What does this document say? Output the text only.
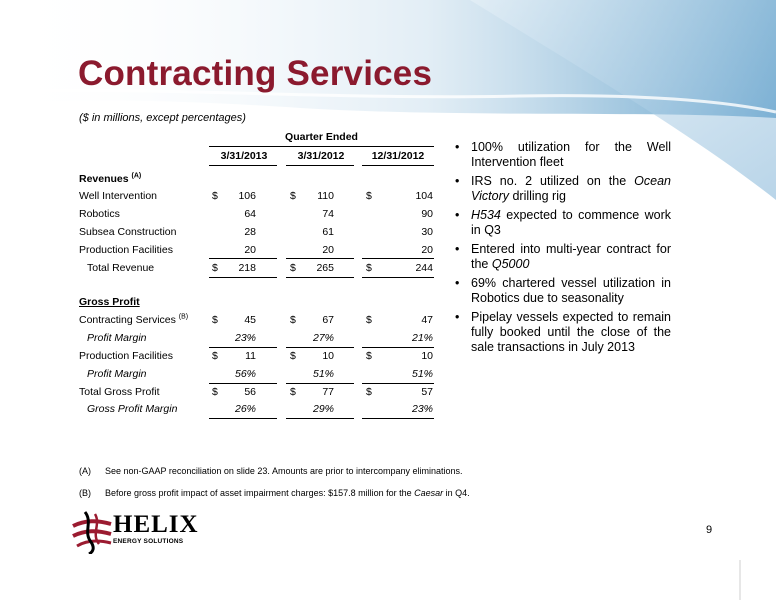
Contracting Services
($ in millions, except percentages)
Quarter Ended
3/31/2013	3/31/2012	12/31/2012
Revenues $^{(A)}$
Well Intervention	$ 106	$ 110	$	104
Robotics	64	74	90
Subsea Construction	28	61	30
Production Facilities	20	20	20
Total Revenue	$ 218	$ 265	$	244
Gross Profit
Contracting Services $^{(B)}$ $	45	$	67	$	47
Profit Margin	23%	27%	21%
Production Facilities	$	11	$	10	$	10
Profit Margin	56%	51%	51%
Total Gross Profit	$	56	$	77	$	57
Gross Profit Margin	26%	29%	23%
• 100% utilization for the Well Intervention fleet
• IRS no. 2 utilized on the Ocean Victory drilling rig
• H534 expected to commence work in Q3
• Entered into multi-year contract for the Q5000
• 69% chartered vessel utilization in Robotics due to seasonality
• Pipelay vessels expected to remain fully booked until the close of the sale transactions in July 2013
(A) See non-GAAP reconciliation on slide 23. Amounts are prior to intercompany eliminations.
(B) Before gross profit impact of asset impairment charges: $157.8 million for the Caesar in Q4.
HELIX
ENERGY SOLUTIONS
9
